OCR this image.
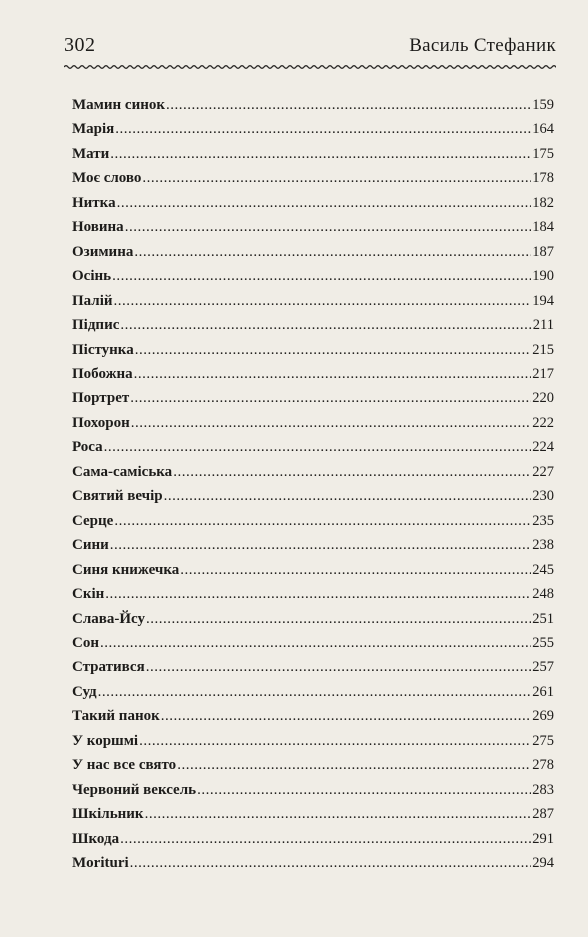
302	Василь Стефаник
Мамин синок .....	159
Марія .....	164
Мати .....	175
Моє слово .....	178
Нитка .....	182
Новина .....	184
Озимина .....	187
Осінь .....	190
Палій .....	194
Підпис .....	211
Пістунка .....	215
Побожна .....	217
Портрет .....	220
Похорон .....	222
Роса .....	224
Сама-саміська .....	227
Святий вечір .....	230
Серце .....	235
Сини .....	238
Синя книжечка .....	245
Скін .....	248
Слава-Йсу .....	251
Сон .....	255
Стратився .....	257
Суд .....	261
Такий панок .....	269
У коршмі .....	275
У нас все свято .....	278
Червоний вексель .....	283
Шкільник .....	287
Шкода .....	291
Moriturі .....	294
